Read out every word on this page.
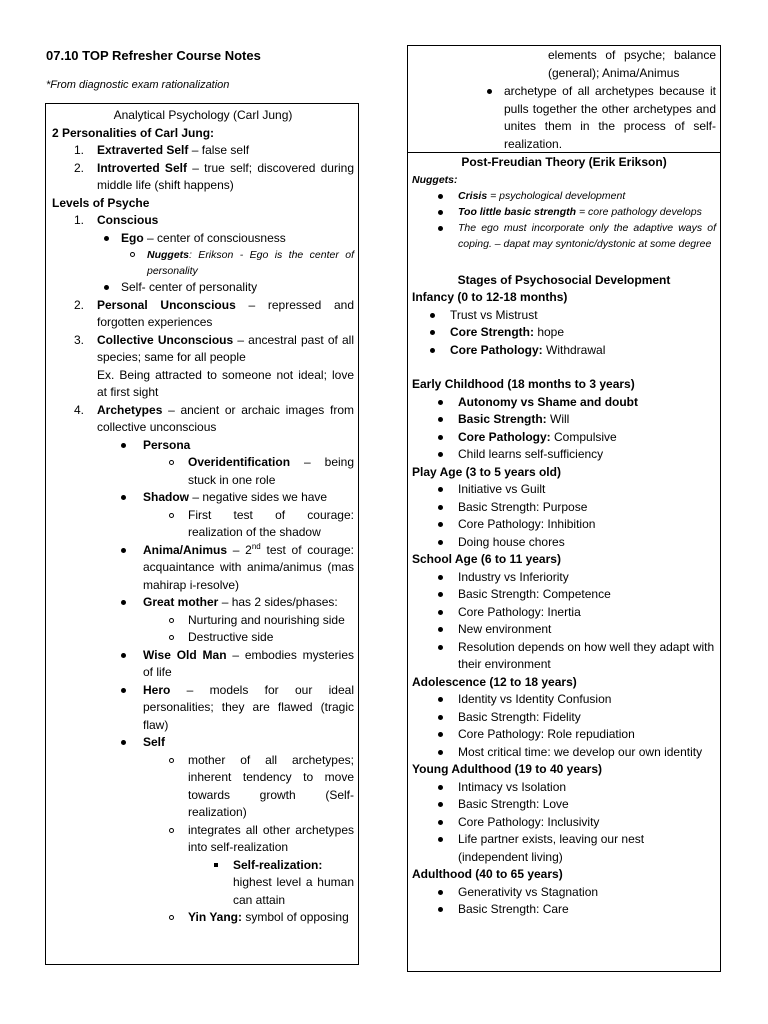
07.10 TOP Refresher Course Notes
*From diagnostic exam rationalization
Analytical Psychology (Carl Jung)
2 Personalities of Carl Jung:
1. Extraverted Self – false self
2. Introverted Self – true self; discovered during middle life (shift happens)
Levels of Psyche
1. Conscious
Ego – center of consciousness
Nuggets: Erikson - Ego is the center of personality
Self- center of personality
2. Personal Unconscious – repressed and forgotten experiences
3. Collective Unconscious – ancestral past of all species; same for all people
Ex. Being attracted to someone not ideal; love at first sight
4. Archetypes – ancient or archaic images from collective unconscious
Persona
Overidentification – being stuck in one role
Shadow – negative sides we have
First test of courage: realization of the shadow
Anima/Animus – 2nd test of courage: acquaintance with anima/animus (mas mahirap i-resolve)
Great mother – has 2 sides/phases:
Nurturing and nourishing side
Destructive side
Wise Old Man – embodies mysteries of life
Hero – models for our ideal personalities; they are flawed (tragic flaw)
Self
mother of all archetypes; inherent tendency to move towards growth (Self-realization)
integrates all other archetypes into self-realization
Self-realization: highest level a human can attain
Yin Yang: symbol of opposing
elements of psyche; balance (general); Anima/Animus
archetype of all archetypes because it pulls together the other archetypes and unites them in the process of self-realization.
Post-Freudian Theory (Erik Erikson)
Nuggets:
Crisis = psychological development
Too little basic strength = core pathology develops
The ego must incorporate only the adaptive ways of coping. – dapat may syntonic/dystonic at some degree
Stages of Psychosocial Development
Infancy (0 to 12-18 months)
Trust vs Mistrust
Core Strength: hope
Core Pathology: Withdrawal
Early Childhood (18 months to 3 years)
Autonomy vs Shame and doubt
Basic Strength: Will
Core Pathology: Compulsive
Child learns self-sufficiency
Play Age (3 to 5 years old)
Initiative vs Guilt
Basic Strength: Purpose
Core Pathology: Inhibition
Doing house chores
School Age (6 to 11 years)
Industry vs Inferiority
Basic Strength: Competence
Core Pathology: Inertia
New environment
Resolution depends on how well they adapt with their environment
Adolescence (12 to 18 years)
Identity vs Identity Confusion
Basic Strength: Fidelity
Core Pathology: Role repudiation
Most critical time: we develop our own identity
Young Adulthood (19 to 40 years)
Intimacy vs Isolation
Basic Strength: Love
Core Pathology: Inclusivity
Life partner exists, leaving our nest (independent living)
Adulthood (40 to 65 years)
Generativity vs Stagnation
Basic Strength: Care
